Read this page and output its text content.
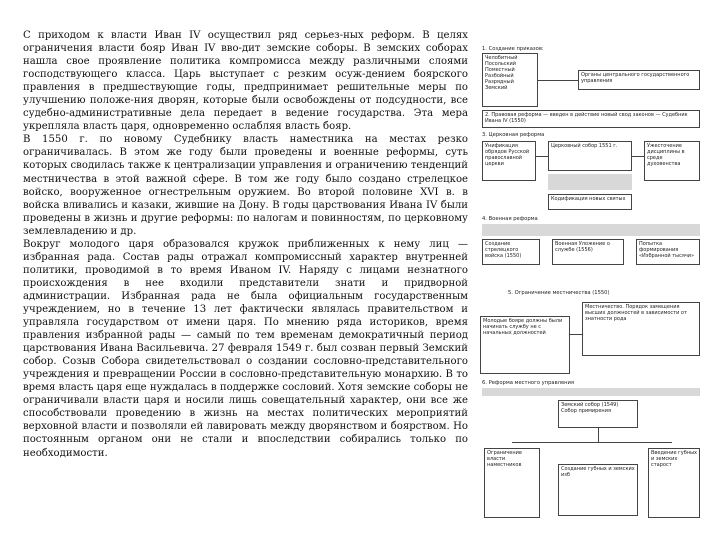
С приходом к власти Иван IV осуществил ряд серьез-ных реформ. В целях ограничения власти бояр Иван IV вво-дит земские соборы. В земских соборах нашла свое проявление политика компромисса между различными слоями господствующего класса. Царь выступает с резким осуж-дением боярского правления в предшествующие годы, предпринимает решительные меры по улучшению положе-ния дворян, которые были освобождены от подсудности, все судебно-административные дела передает в ведение государства. Эта мера укрепляла власть царя, одновременно ослабляя власть бояр.

В 1550 г. по новому Судебнику власть наместника на местах резко ограничивалась. В этом же году были проведены и военные реформы, суть которых сводилась также к централизации управления и ограничению тенденций местничества в этой важной сфере. В том же году было создано стрелецкое войско, вооруженное огнестрельным оружием. Во второй половине XVI в. в войска вливались и казаки, жившие на Дону. В годы царствования Ивана IV были проведены в жизнь и другие реформы: по налогам и повинностям, по церковному землевладению и др.

Вокруг молодого царя образовался кружок приближенных к нему лиц — избранная рада. Состав рады отражал компромиссный характер внутренней политики, проводимой в то время Иваном IV. Наряду с лицами незнатного происхождения в нее входили представители знати и придворной администрации. Избранная рада не была официальным государственным учреждением, но в течение 13 лет фактически являлась правительством и управляла государством от имени царя. По мнению ряда историков, время правления избранной рады — самый по тем временам демократичный период царствования Ивана Васильевича. 27 февраля 1549 г. был созван первый Земский собор. Созыв Собора свидетельствовал о создании сословно-представительного учреждения и превращении России в сословно-представительную монархию. В то время власть царя еще нуждалась в поддержке сословий. Хотя земские соборы не ограничивали власти царя и носили лишь совещательный характер, они все же способствовали проведению в жизнь на местах политических мероприятий верховной власти и позволяли ей лавировать между дворянством и боярством. Но постоянным органом они не стали и впоследствии собирались только по необходимости.

1. Создание приказов:
Челобитный
Посольский
Поместный
Разбойный
Разрядный
Земский
Органы центрального государственного управления
2. Правовая реформа — введен в действие новый свод законов — Судебник Ивана IV (1550)
3. Церковная реформа
Унификация обрядов Русской православной церкви
Церковный собор 1551 г.	Ужесточение дисциплины в среде духовенства
Кодификация новых святых
4. Военная реформа
Создание стрелецкого войска (1550)
Военная Уложение о службе (1556)
Попытка формирования «Избранной тысячи»
5. Ограничение местничества (1550)
Молодые бояре должны были начинать службу не с начальных должностей
Местничество. Порядок замещения высших должностей в зависимости от знатности рода
6. Реформа местного управления
Земский собор (1549) Собор примирения
Ограничение власти наместников
Создание губных и земских изб
Введение губных и земских старост
